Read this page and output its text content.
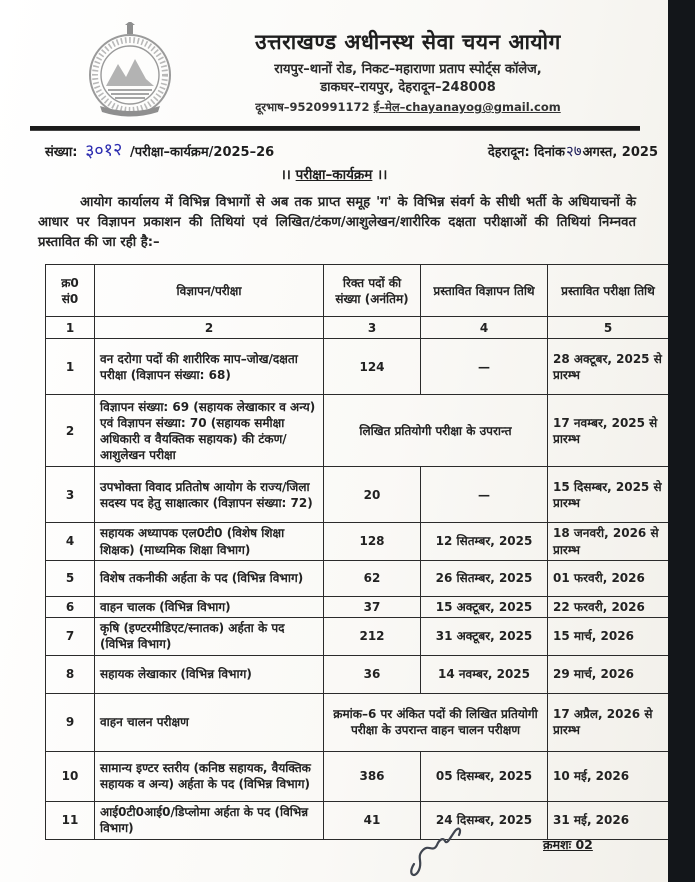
उत्तराखण्ड अधीनस्थ सेवा चयन आयोग
रायपुर–थानों रोड, निकट–महाराणा प्रताप स्पोर्ट्स कॉलेज,
डाकघर–रायपुर, देहरादून–248008
दूरभाष–9520991172 ई–मेल–chayanayog@gmail.com
संख्या: ३०१२ /परीक्षा–कार्यक्रम/2025–26	देहरादून: दिनांक२७अगस्त, 2025
।। परीक्षा–कार्यक्रम ।।
आयोग कार्यालय में विभिन्न विभागों से अब तक प्राप्त समूह 'ग' के विभिन्न संवर्ग के सीधी भर्ती के अधियाचनों के आधार पर विज्ञापन प्रकाशन की तिथियां एवं लिखित/टंकण/आशुलेखन/शारीरिक दक्षता परीक्षाओं की तिथियां निम्नवत प्रस्तावित की जा रही है:–
क्र0 सं0	विज्ञापन/परीक्षा	रिक्त पदों की संख्या (अनंतिम)	प्रस्तावित विज्ञापन तिथि	प्रस्तावित परीक्षा तिथि
1	2	3	4	5
1	वन दरोगा पदों की शारीरिक माप–जोख/दक्षता परीक्षा (विज्ञापन संख्या: 68)	124	—	28 अक्टूबर, 2025 से प्रारम्भ
2	विज्ञापन संख्या: 69 (सहायक लेखाकार व अन्य) एवं विज्ञापन संख्या: 70 (सहायक समीक्षा अधिकारी व वैयक्तिक सहायक) की टंकण/आशुलेखन परीक्षा	लिखित प्रतियोगी परीक्षा के उपरान्त		17 नवम्बर, 2025 से प्रारम्भ
3	उपभोक्ता विवाद प्रतितोष आयोग के राज्य/जिला सदस्य पद हेतु साक्षात्कार (विज्ञापन संख्या: 72)	20	—	15 दिसम्बर, 2025 से प्रारम्भ
4	सहायक अध्यापक एल0टी0 (विशेष शिक्षा शिक्षक) (माध्यमिक शिक्षा विभाग)	128	12 सितम्बर, 2025	18 जनवरी, 2026 से प्रारम्भ
5	विशेष तकनीकी अर्हता के पद (विभिन्न विभाग)	62	26 सितम्बर, 2025	01 फरवरी, 2026
6	वाहन चालक (विभिन्न विभाग)	37	15 अक्टूबर, 2025	22 फरवरी, 2026
7	कृषि (इण्टरमीडिएट/स्नातक) अर्हता के पद (विभिन्न विभाग)	212	31 अक्टूबर, 2025	15 मार्च, 2026
8	सहायक लेखाकार (विभिन्न विभाग)	36	14 नवम्बर, 2025	29 मार्च, 2026
9	वाहन चालन परीक्षण	क्रमांक–6 पर अंकित पदों की लिखित प्रतियोगी परीक्षा के उपरान्त वाहन चालन परीक्षण		17 अप्रैल, 2026 से प्रारम्भ
10	सामान्य इण्टर स्तरीय (कनिष्ठ सहायक, वैयक्तिक सहायक व अन्य) अर्हता के पद (विभिन्न विभाग)	386	05 दिसम्बर, 2025	10 मई, 2026
11	आई0टी0आई0/डिप्लोमा अर्हता के पद (विभिन्न विभाग)	41	24 दिसम्बर, 2025	31 मई, 2026
क्रमशः 02
